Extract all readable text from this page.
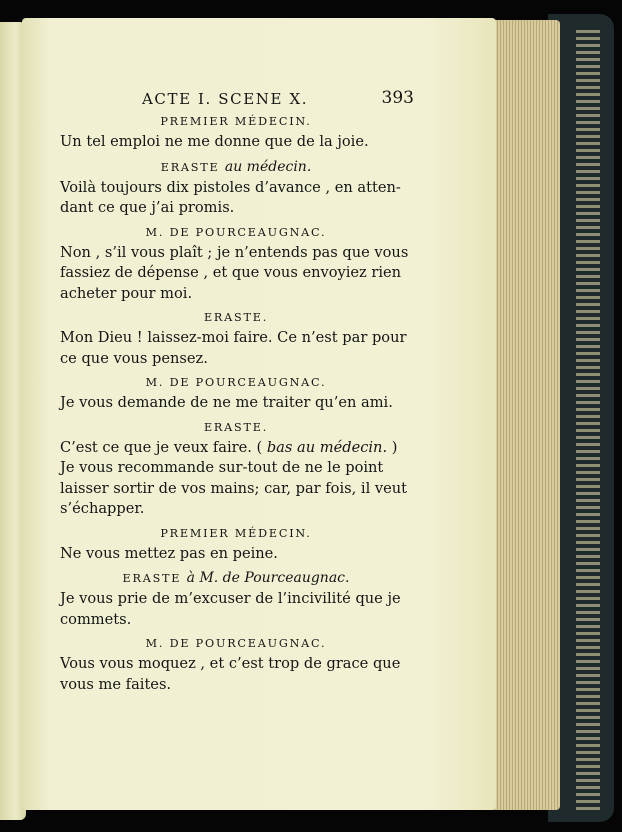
ACTE I. SCENE X.	393

PREMIER MÉDECIN.

Un tel emploi ne me donne que de la joie.

ERASTE au médecin.

Voilà toujours dix pistoles d’avance , en atten-

dant ce que j’ai promis.

M. DE POURCEAUGNAC.

Non , s’il vous plaît ; je n’entends pas que vous

fassiez de dépense , et que vous envoyiez rien

acheter pour moi.

ERASTE.

Mon Dieu ! laissez-moi faire. Ce n’est par pour

ce que vous pensez.

M. DE POURCEAUGNAC.

Je vous demande de ne me traiter qu’en ami.

ERASTE.

C’est ce que je veux faire. ( bas au médecin. )

Je vous recommande sur-tout de ne le point

laisser sortir de vos mains; car, par fois, il veut

s’échapper.

PREMIER MÉDECIN.

Ne vous mettez pas en peine.

ERASTE à M. de Pourceaugnac.

Je vous prie de m’excuser de l’incivilité que je

commets.

M. DE POURCEAUGNAC.

Vous vous moquez , et c’est trop de grace que

vous me faites.
